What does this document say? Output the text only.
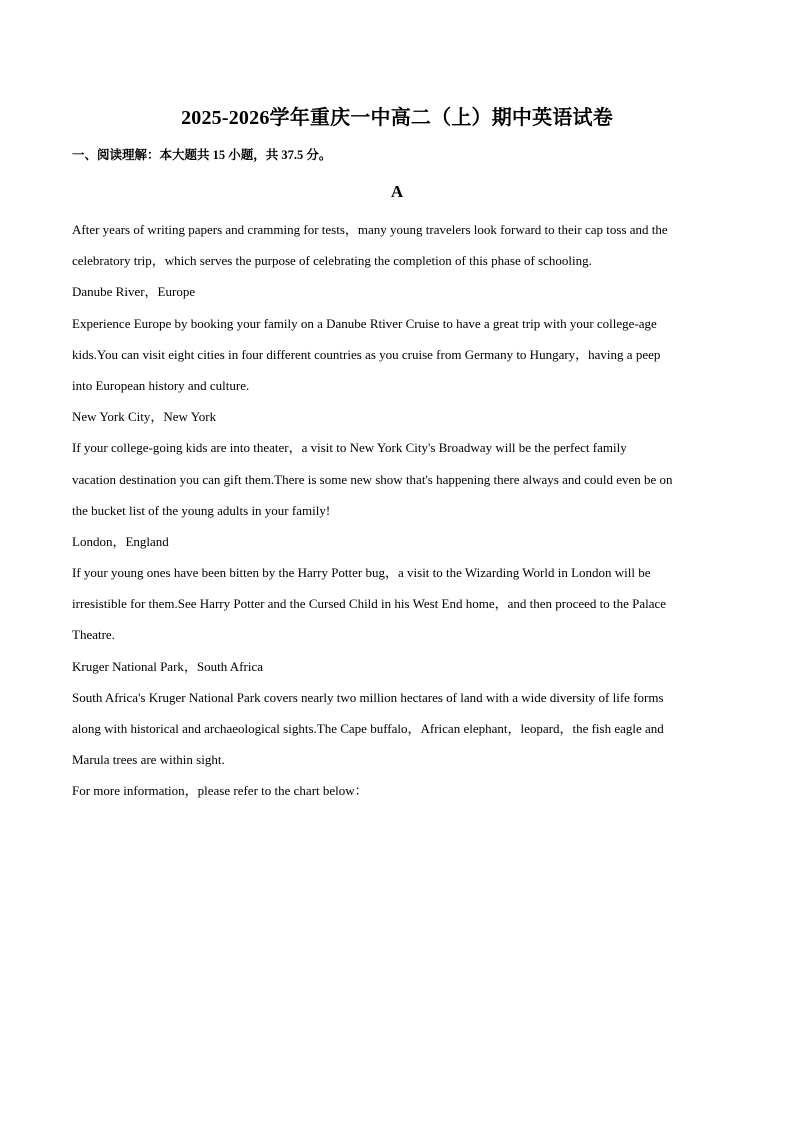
2025-2026学年重庆一中高二（上）期中英语试卷
一、阅读理解：本大题共 15 小题，共 37.5 分。
A
After years of writing papers and cramming for tests，many young travelers look forward to their cap toss and the
celebratory trip，which serves the purpose of celebrating the completion of this phase of schooling.
Danube River，Europe
Experience Europe by booking your family on a Danube Rtiver Cruise to have a great trip with your college-age
kids.You can visit eight cities in four different countries as you cruise from Germany to Hungary，having a peep
into European history and culture.
New York City，New York
If your college-going kids are into theater，a visit to New York City's Broadway will be the perfect family
vacation destination you can gift them.There is some new show that's happening there always and could even be on
the bucket list of the young adults in your family!
London，England
If your young ones have been bitten by the Harry Potter bug，a visit to the Wizarding World in London will be
irresistible for them.See Harry Potter and the Cursed Child in his West End home，and then proceed to the Palace
Theatre.
Kruger National Park，South Africa
South Africa's Kruger National Park covers nearly two million hectares of land with a wide diversity of life forms
along with historical and archaeological sights.The Cape buffalo，African elephant，leopard，the fish eagle and
Marula trees are within sight.
For more information，please refer to the chart below：
